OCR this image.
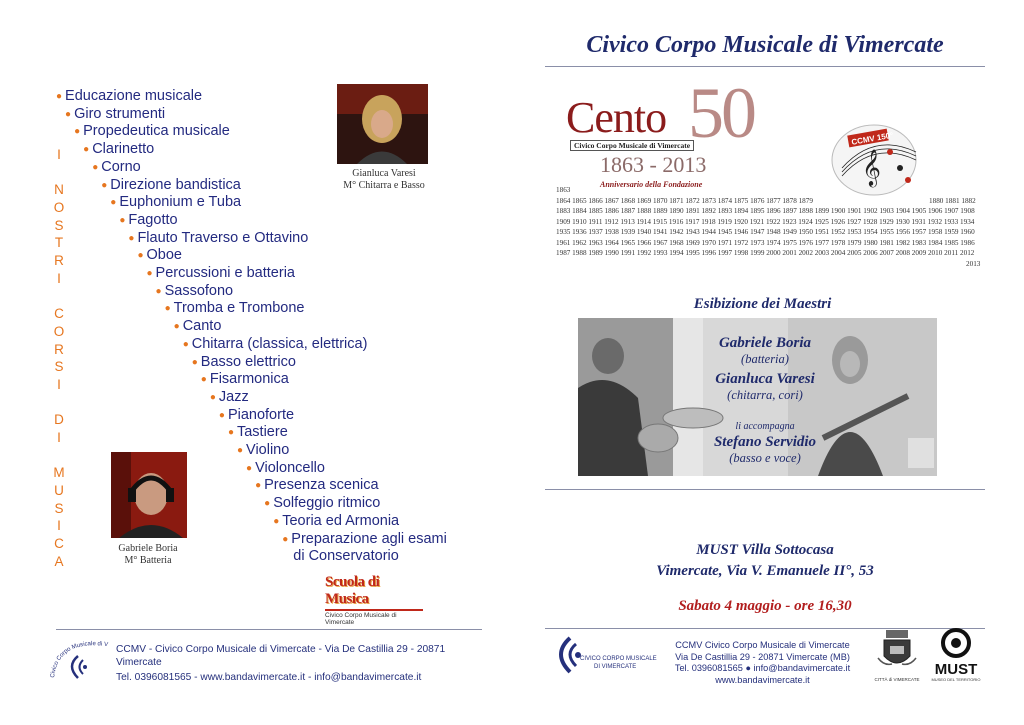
I
N
O
S
T
R
I
C
O
R
S
I
D
I
M
U
S
I
C
A
● Educazione musicale
● Giro strumenti
● Propedeutica musicale
● Clarinetto
● Corno
● Direzione bandistica
● Euphonium e Tuba
● Fagotto
● Flauto Traverso e Ottavino
● Oboe
● Percussioni e batteria
● Sassofono
● Tromba e Trombone
● Canto
● Chitarra (classica, elettrica)
● Basso elettrico
● Fisarmonica
● Jazz
● Pianoforte
● Tastiere
● Violino
● Violoncello
● Presenza scenica
● Solfeggio ritmico
● Teoria ed Armonia
● Preparazione agli esami
di Conservatorio
Gianluca Varesi
M° Chitarra e Basso
Gabriele Boria
M° Batteria
Scuola di Musica
Civico Corpo Musicale di Vimercate
Civico Corpo Musicale di V CCMV - Civico Corpo Musicale di Vimercate - Via De Castillia 29 - 20871 Vimercate
Tel. 0396081565 - www.bandavimercate.it - info@bandavimercate.it
Civico Corpo Musicale di Vimercate
Cento 50
Civico Corpo Musicale di Vimercate
1863 - 2013
Anniversario della Fondazione	𝄞
CCMV 150°
1863
1864 1865 1866 1867 1868 1869 1870 1871 1872 1873 1874 1875 1876 1877 1878 1879
1883 1884 1885 1886 1887 1888 1889 1890 1891 1892 1893 1894 1895 1896 1897 1898 1899 1900 1901 1902 1903 1904 1905 1906 1907 1908
1909 1910 1911 1912 1913 1914 1915 1916 1917 1918 1919 1920 1921 1922 1923 1924 1925 1926 1927 1928 1929 1930 1931 1932 1933 1934
1935 1936 1937 1938 1939 1940 1941 1942 1943 1944 1945 1946 1947 1948 1949 1950 1951 1952 1953 1954 1955 1956 1957 1958 1959 1960
1961 1962 1963 1964 1965 1966 1967 1968 1969 1970 1971 1972 1973 1974 1975 1976 1977 1978 1979 1980 1981 1982 1983 1984 1985 1986
1987 1988 1989 1990 1991 1992 1993 1994 1995 1996 1997 1998 1999 2000 2001 2002 2003 2004 2005 2006 2007 2008 2009 2010 2011 2012
2013
1880 1881 1882
Esibizione dei Maestri
Gabriele Boria
(batteria)
Gianluca Varesi
(chitarra, cori)
li accompagna
Stefano Servidio
(basso e voce)
MUST Villa Sottocasa
Vimercate, Via V. Emanuele II°, 53
Sabato 4 maggio - ore 16,30
CIVICO CORPO MUSICALE
DI VIMERCATE
CCMV Civico Corpo Musicale di Vimercate
Via De Castillia 29 - 20871 Vimercate (MB)
Tel. 0396081565 ● info@bandavimercate.it
www.bandavimercate.it	CITTÀ di VIMERCATE
MUST
MUSEO DEL TERRITORIO
